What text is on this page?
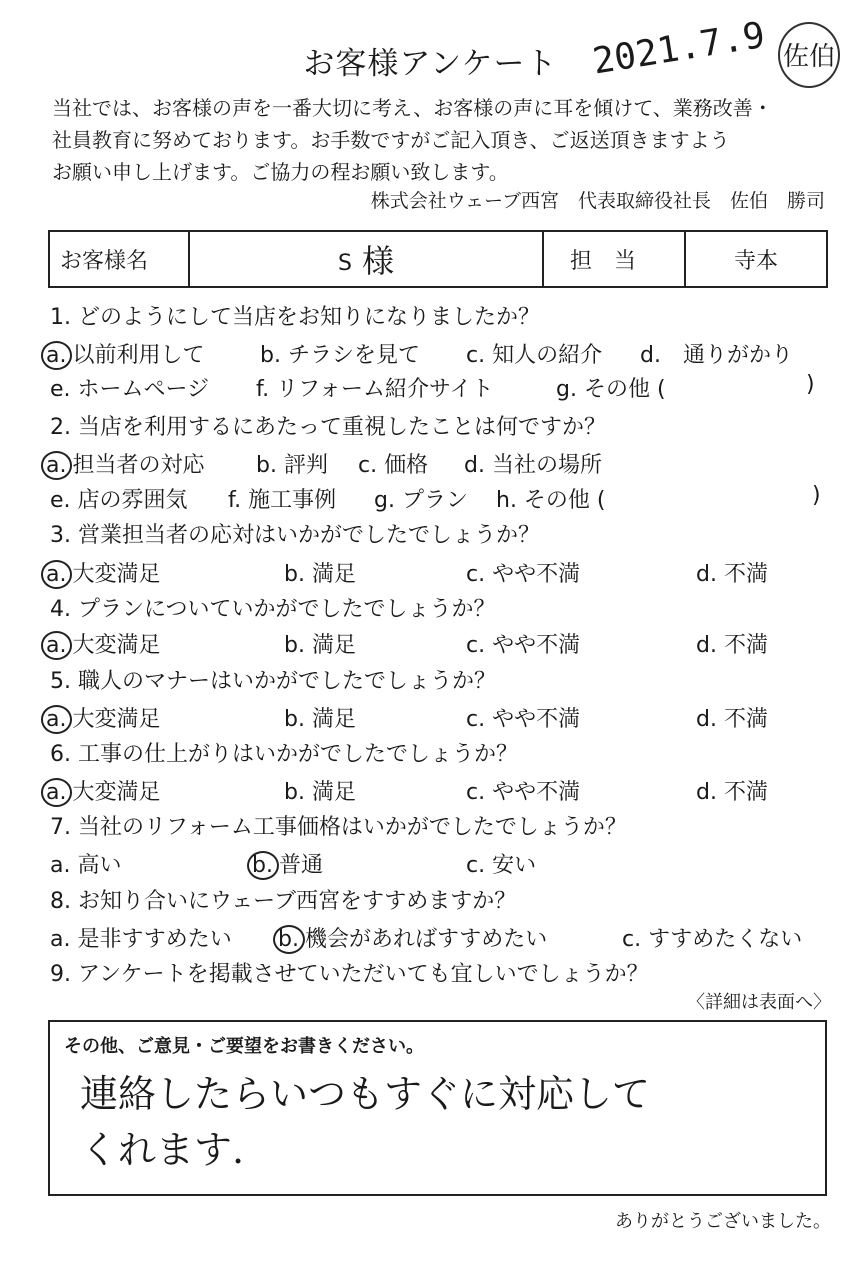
お客様アンケート 2021.7.9 佐伯
当社では、お客様の声を一番大切に考え、お客様の声に耳を傾けて、業務改善・
社員教育に努めております。お手数ですがご記入頂き、ご返送頂きますよう
お願い申し上げます。ご協力の程お願い致します。
株式会社ウェーブ西宮　代表取締役社長　佐伯　勝司
お客様名	S 様	担当	寺本
1. どのようにして当店をお知りになりましたか？
a. 以前利用して	b. チラシを見て c. 知人の紹介 d.　通りがかり
e. ホームページ f. リフォーム紹介サイト	g. その他 (	)
2. 当店を利用するにあたって重視したことは何ですか？
a. 担当者の対応 b. 評判 c. 価格 d. 当社の場所
e. 店の雰囲気 f. 施工事例 g. プラン h. その他 (	)
3. 営業担当者の応対はいかがでしたでしょうか？
a. 大変満足	b. 満足	c. やや不満	d. 不満
4. プランについていかがでしたでしょうか？
a. 大変満足	b. 満足	c. やや不満	d. 不満
5. 職人のマナーはいかがでしたでしょうか？
a. 大変満足	b. 満足	c. やや不満	d. 不満
6. 工事の仕上がりはいかがでしたでしょうか？
a. 大変満足	b. 満足	c. やや不満	d. 不満
7. 当社のリフォーム工事価格はいかがでしたでしょうか？
a. 高い	b. 普通	c. 安い
8. お知り合いにウェーブ西宮をすすめますか？
a. 是非すすめたい b. 機会があればすすめたい	c. すすめたくない
9. アンケートを掲載させていただいても宜しいでしょうか？
〈詳細は表面へ〉
その他、ご意見・ご要望をお書きください。
連絡したらいつもすぐに対応して
くれます.
ありがとうございました。
